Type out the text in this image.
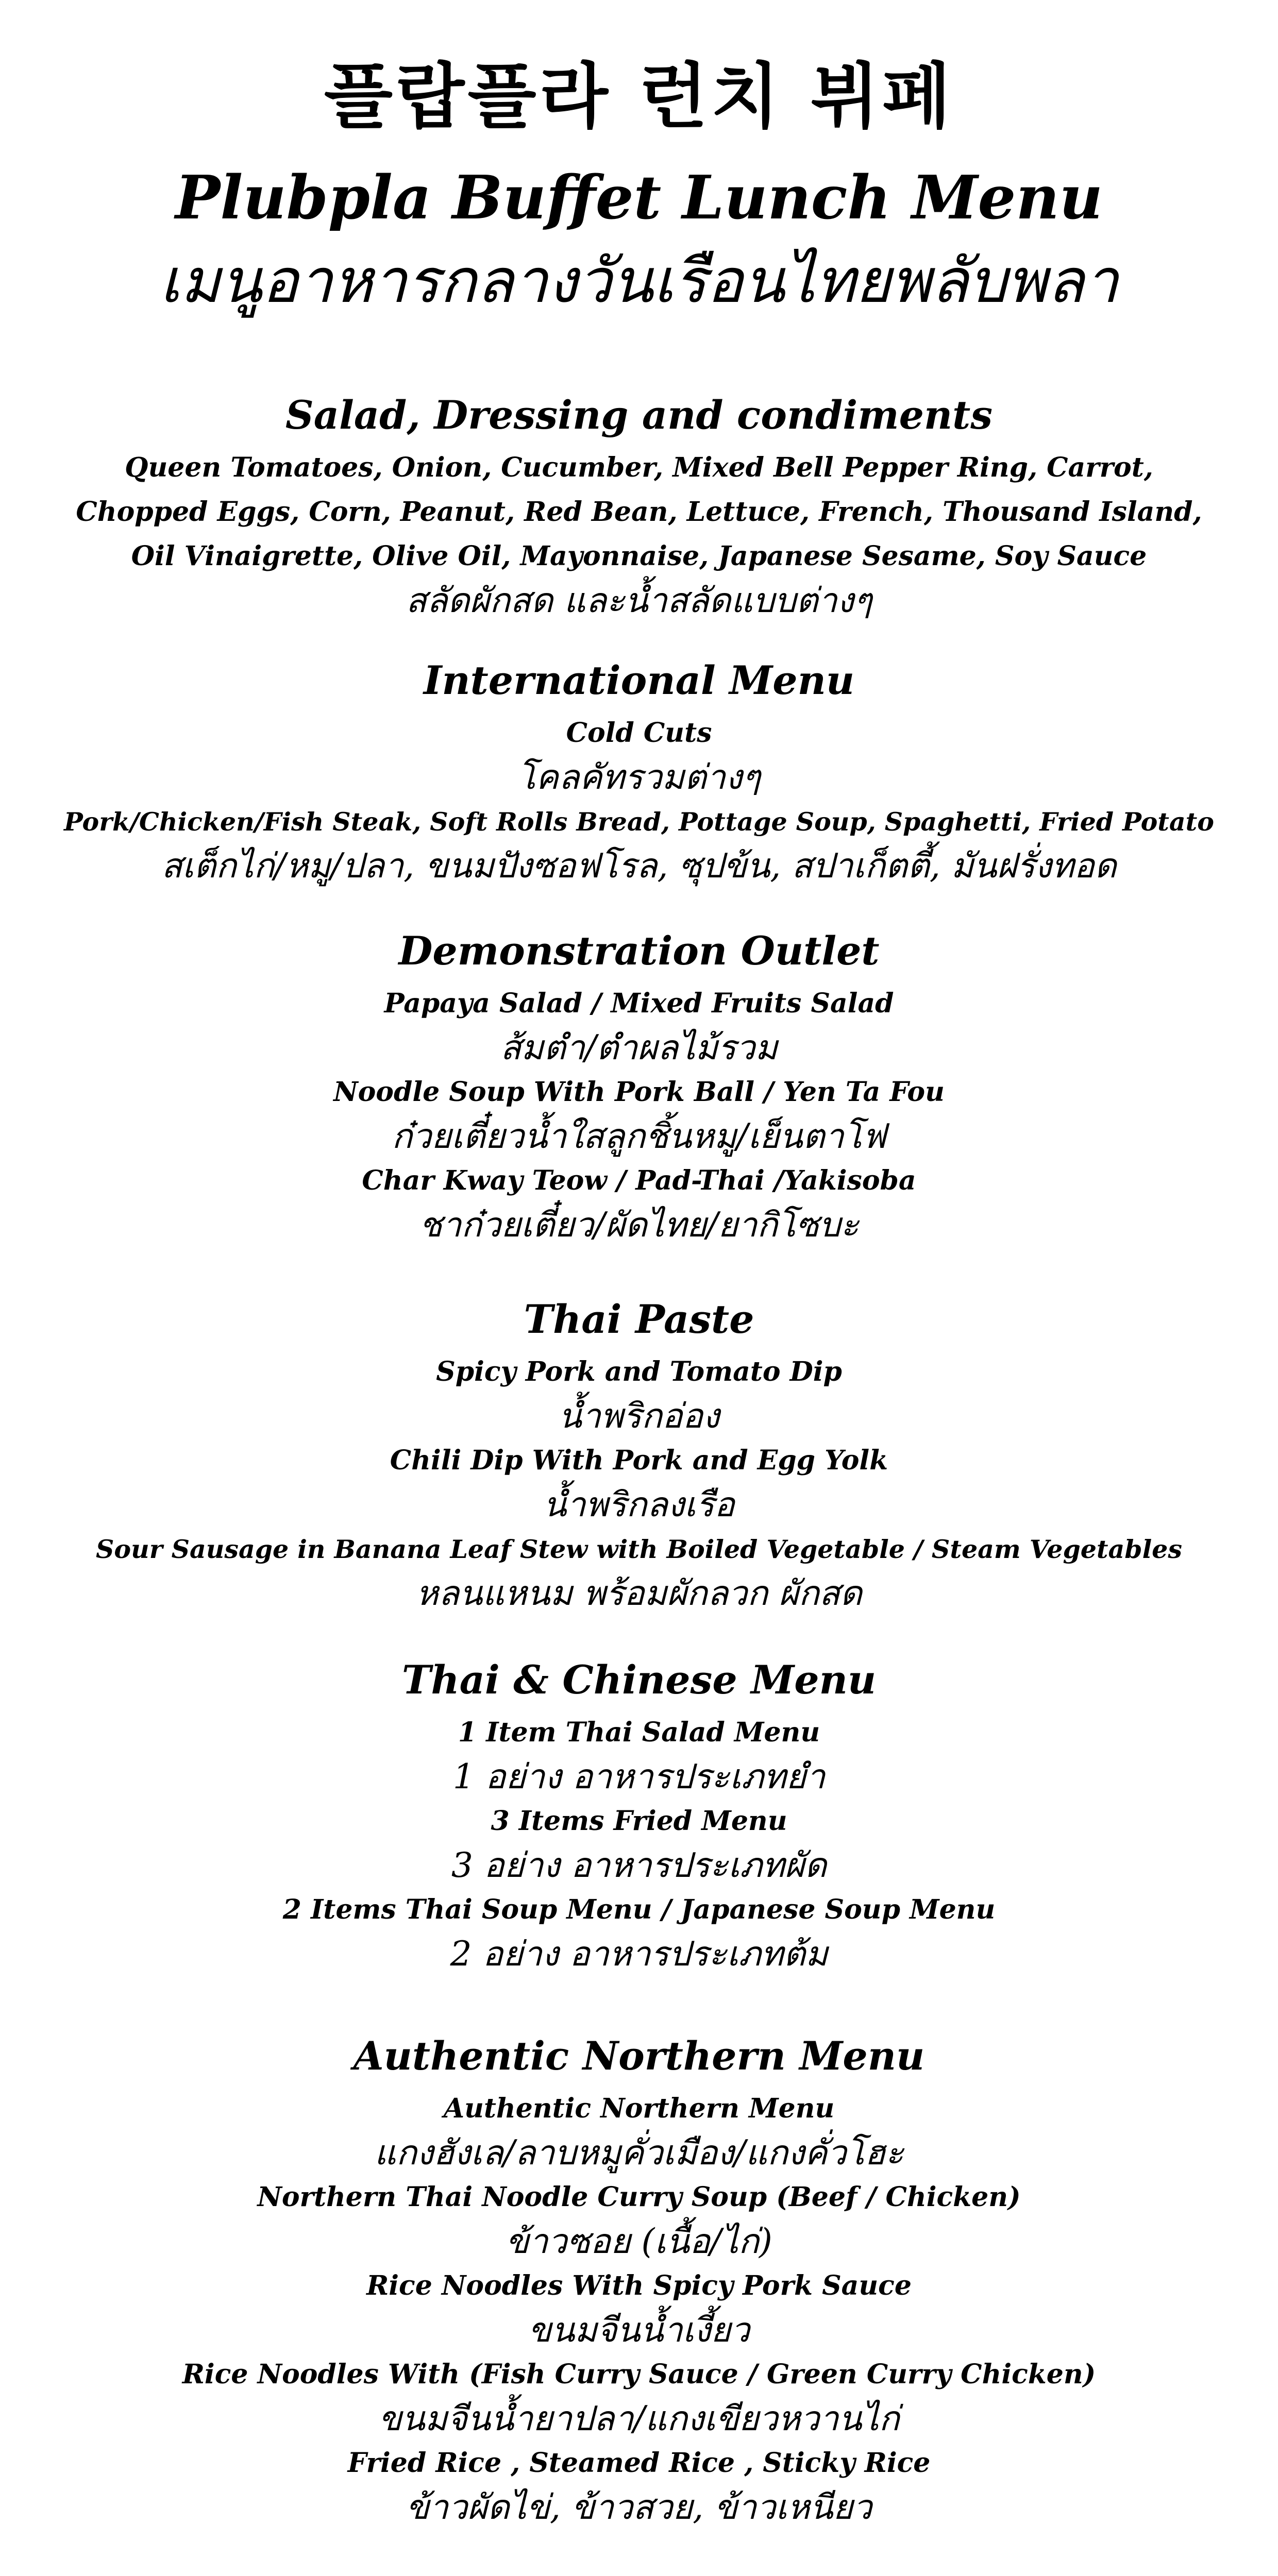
플랍플라 런치 뷔페
Plubpla Buffet Lunch Menu
เมนูอาหารกลางวันเรือนไทยพลับพลา
Salad, Dressing and condiments
Queen Tomatoes, Onion, Cucumber, Mixed Bell Pepper Ring, Carrot,
Chopped Eggs, Corn, Peanut, Red Bean, Lettuce, French, Thousand Island,
Oil Vinaigrette, Olive Oil, Mayonnaise, Japanese Sesame, Soy Sauce
สลัดผักสด และน้ำสลัดแบบต่างๆ
International Menu
Cold Cuts
โคลคัทรวมต่างๆ
Pork/Chicken/Fish Steak, Soft Rolls Bread, Pottage Soup, Spaghetti, Fried Potato
สเต็กไก่/หมู/ปลา, ขนมปังซอฟโรล, ซุปข้น, สปาเก็ตตี้, มันฝรั่งทอด
Demonstration Outlet
Papaya Salad / Mixed Fruits Salad
ส้มตำ/ตำผลไม้รวม
Noodle Soup With Pork Ball / Yen Ta Fou
ก๋วยเตี๋ยวน้ำใสลูกชิ้นหมู/เย็นตาโฟ
Char Kway Teow / Pad-Thai /Yakisoba
ชาก๋วยเตี๋ยว/ผัดไทย/ยากิโซบะ
Thai Paste
Spicy Pork and Tomato Dip
น้ำพริกอ่อง
Chili Dip With Pork and Egg Yolk
น้ำพริกลงเรือ
Sour Sausage in Banana Leaf Stew with Boiled Vegetable / Steam Vegetables
หลนแหนม พร้อมผักลวก ผักสด
Thai & Chinese Menu
1 Item Thai Salad Menu
1 อย่าง อาหารประเภทยำ
3 Items Fried Menu
3 อย่าง อาหารประเภทผัด
2 Items Thai Soup Menu / Japanese Soup Menu
2 อย่าง อาหารประเภทต้ม
Authentic Northern Menu
Authentic Northern Menu
แกงฮังเล/ลาบหมูคั่วเมือง/แกงคั่วโฮะ
Northern Thai Noodle Curry Soup (Beef / Chicken)
ข้าวซอย (เนื้อ/ไก่)
Rice Noodles With Spicy Pork Sauce
ขนมจีนน้ำเงี้ยว
Rice Noodles With (Fish Curry Sauce / Green Curry Chicken)
ขนมจีนน้ำยาปลา/แกงเขียวหวานไก่
Fried Rice , Steamed Rice , Sticky Rice
ข้าวผัดไข่, ข้าวสวย, ข้าวเหนียว
